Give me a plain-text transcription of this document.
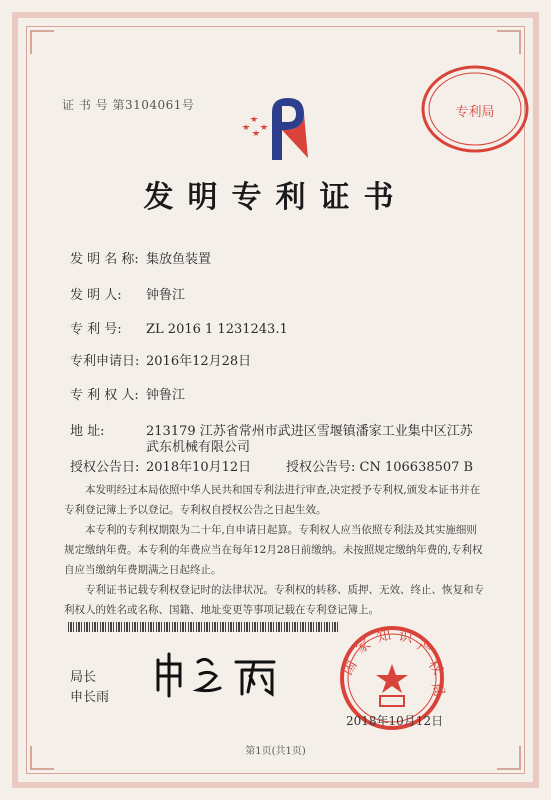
证 书 号 第3104061号	专利局
发明专利证书
发 明 名 称: 集放鱼装置
发 明 人: 钟鲁江
专 利 号: ZL 2016 1 1231243.1
专利申请日: 2016年12月28日
专 利 权 人: 钟鲁江
地 址:	213179 江苏省常州市武进区雪堰镇潘家工业集中区江苏
武东机械有限公司
授权公告日: 2018年10月12日	授权公告号: CN 106638507 B
本发明经过本局依照中华人民共和国专利法进行审查,决定授予专利权,颁发本证书并在专利登记簿上予以登记。专利权自授权公告之日起生效。
本专利的专利权期限为二十年,自申请日起算。专利权人应当依照专利法及其实施细则规定缴纳年费。本专利的年费应当在每年12月28日前缴纳。未按照规定缴纳年费的,专利权自应当缴纳年费期满之日起终止。
专利证书记载专利权登记时的法律状况。专利权的转移、质押、无效、终止、恢复和专利权人的姓名或名称、国籍、地址变更等事项记载在专利登记簿上。
局长
申长雨
国
家 知 识
产
权
局
2018年10月12日
第1页(共1页)
